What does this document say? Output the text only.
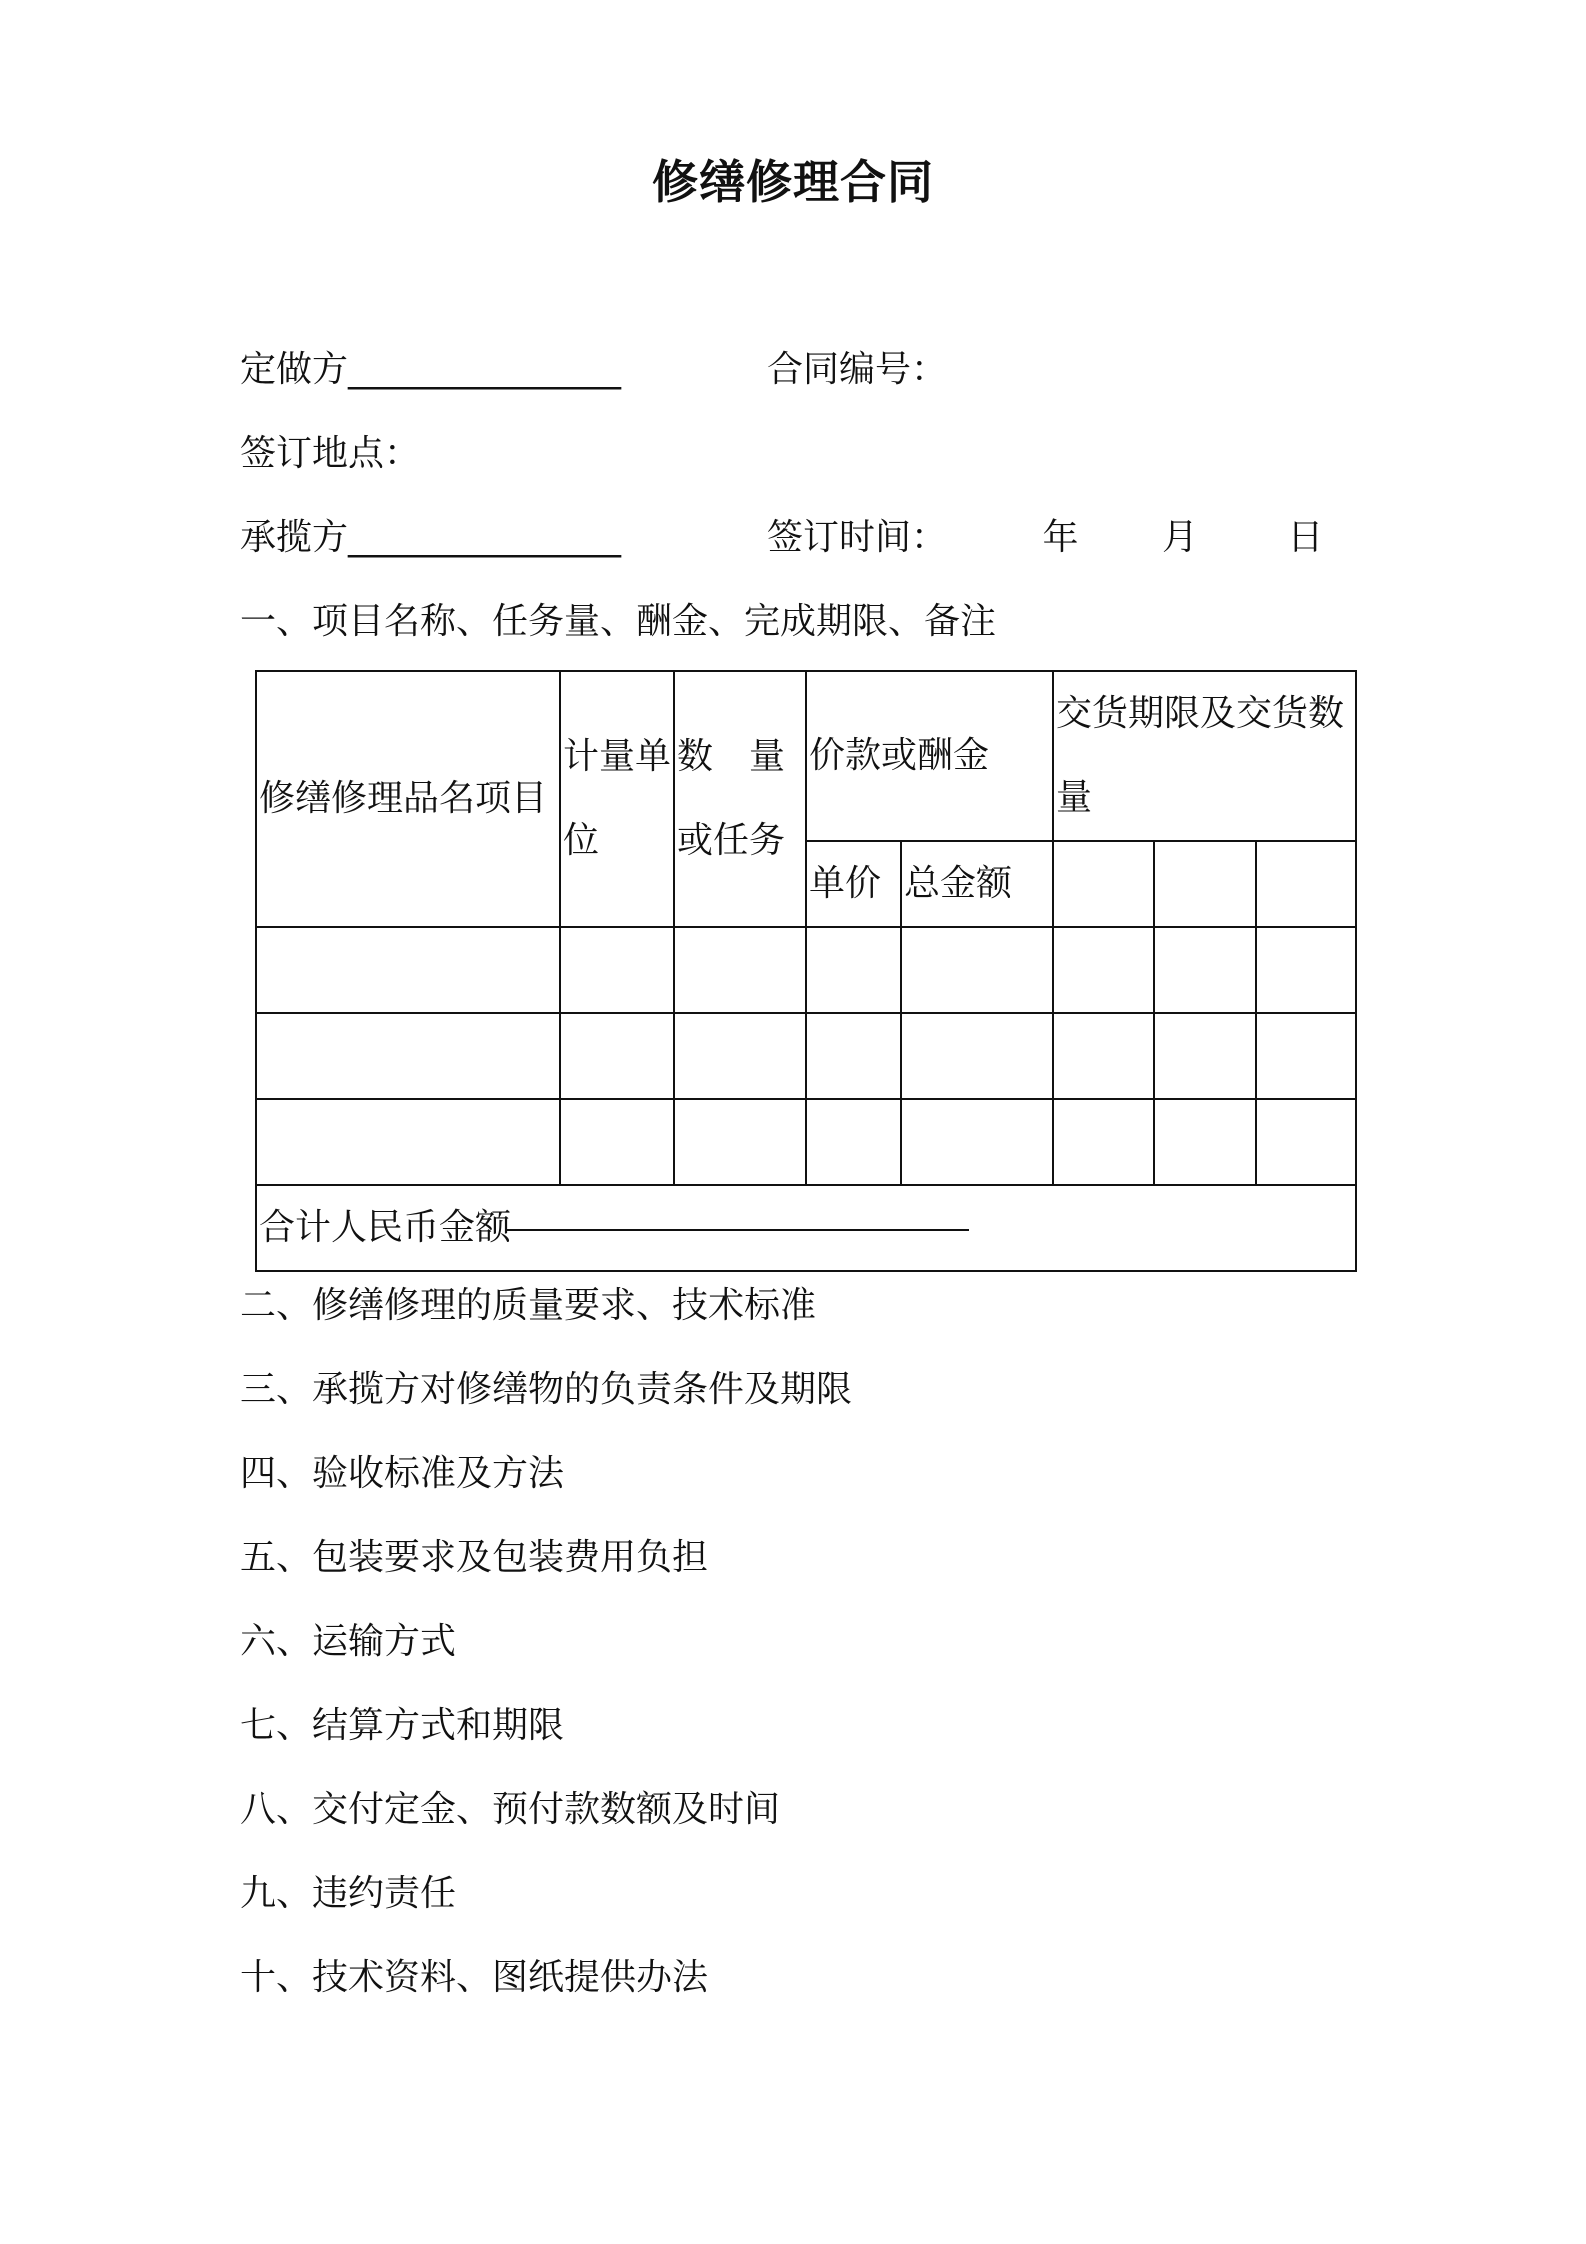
修缮修理合同
定做方__________________	合同编号：
签订地点：
承揽方__________________	签订时间：	年 月 日
一、项目名称、任务量、酬金、完成期限、备注
修缮修理品名项目	计量单位	数　量或任务	价款或酬金		交货期限及交货数量		
			单价	总金额			

合计人民币金额							
二、修缮修理的质量要求、技术标准
三、承揽方对修缮物的负责条件及期限
四、验收标准及方法
五、包装要求及包装费用负担
六、运输方式
七、结算方式和期限
八、交付定金、预付款数额及时间
九、违约责任
十、技术资料、图纸提供办法
